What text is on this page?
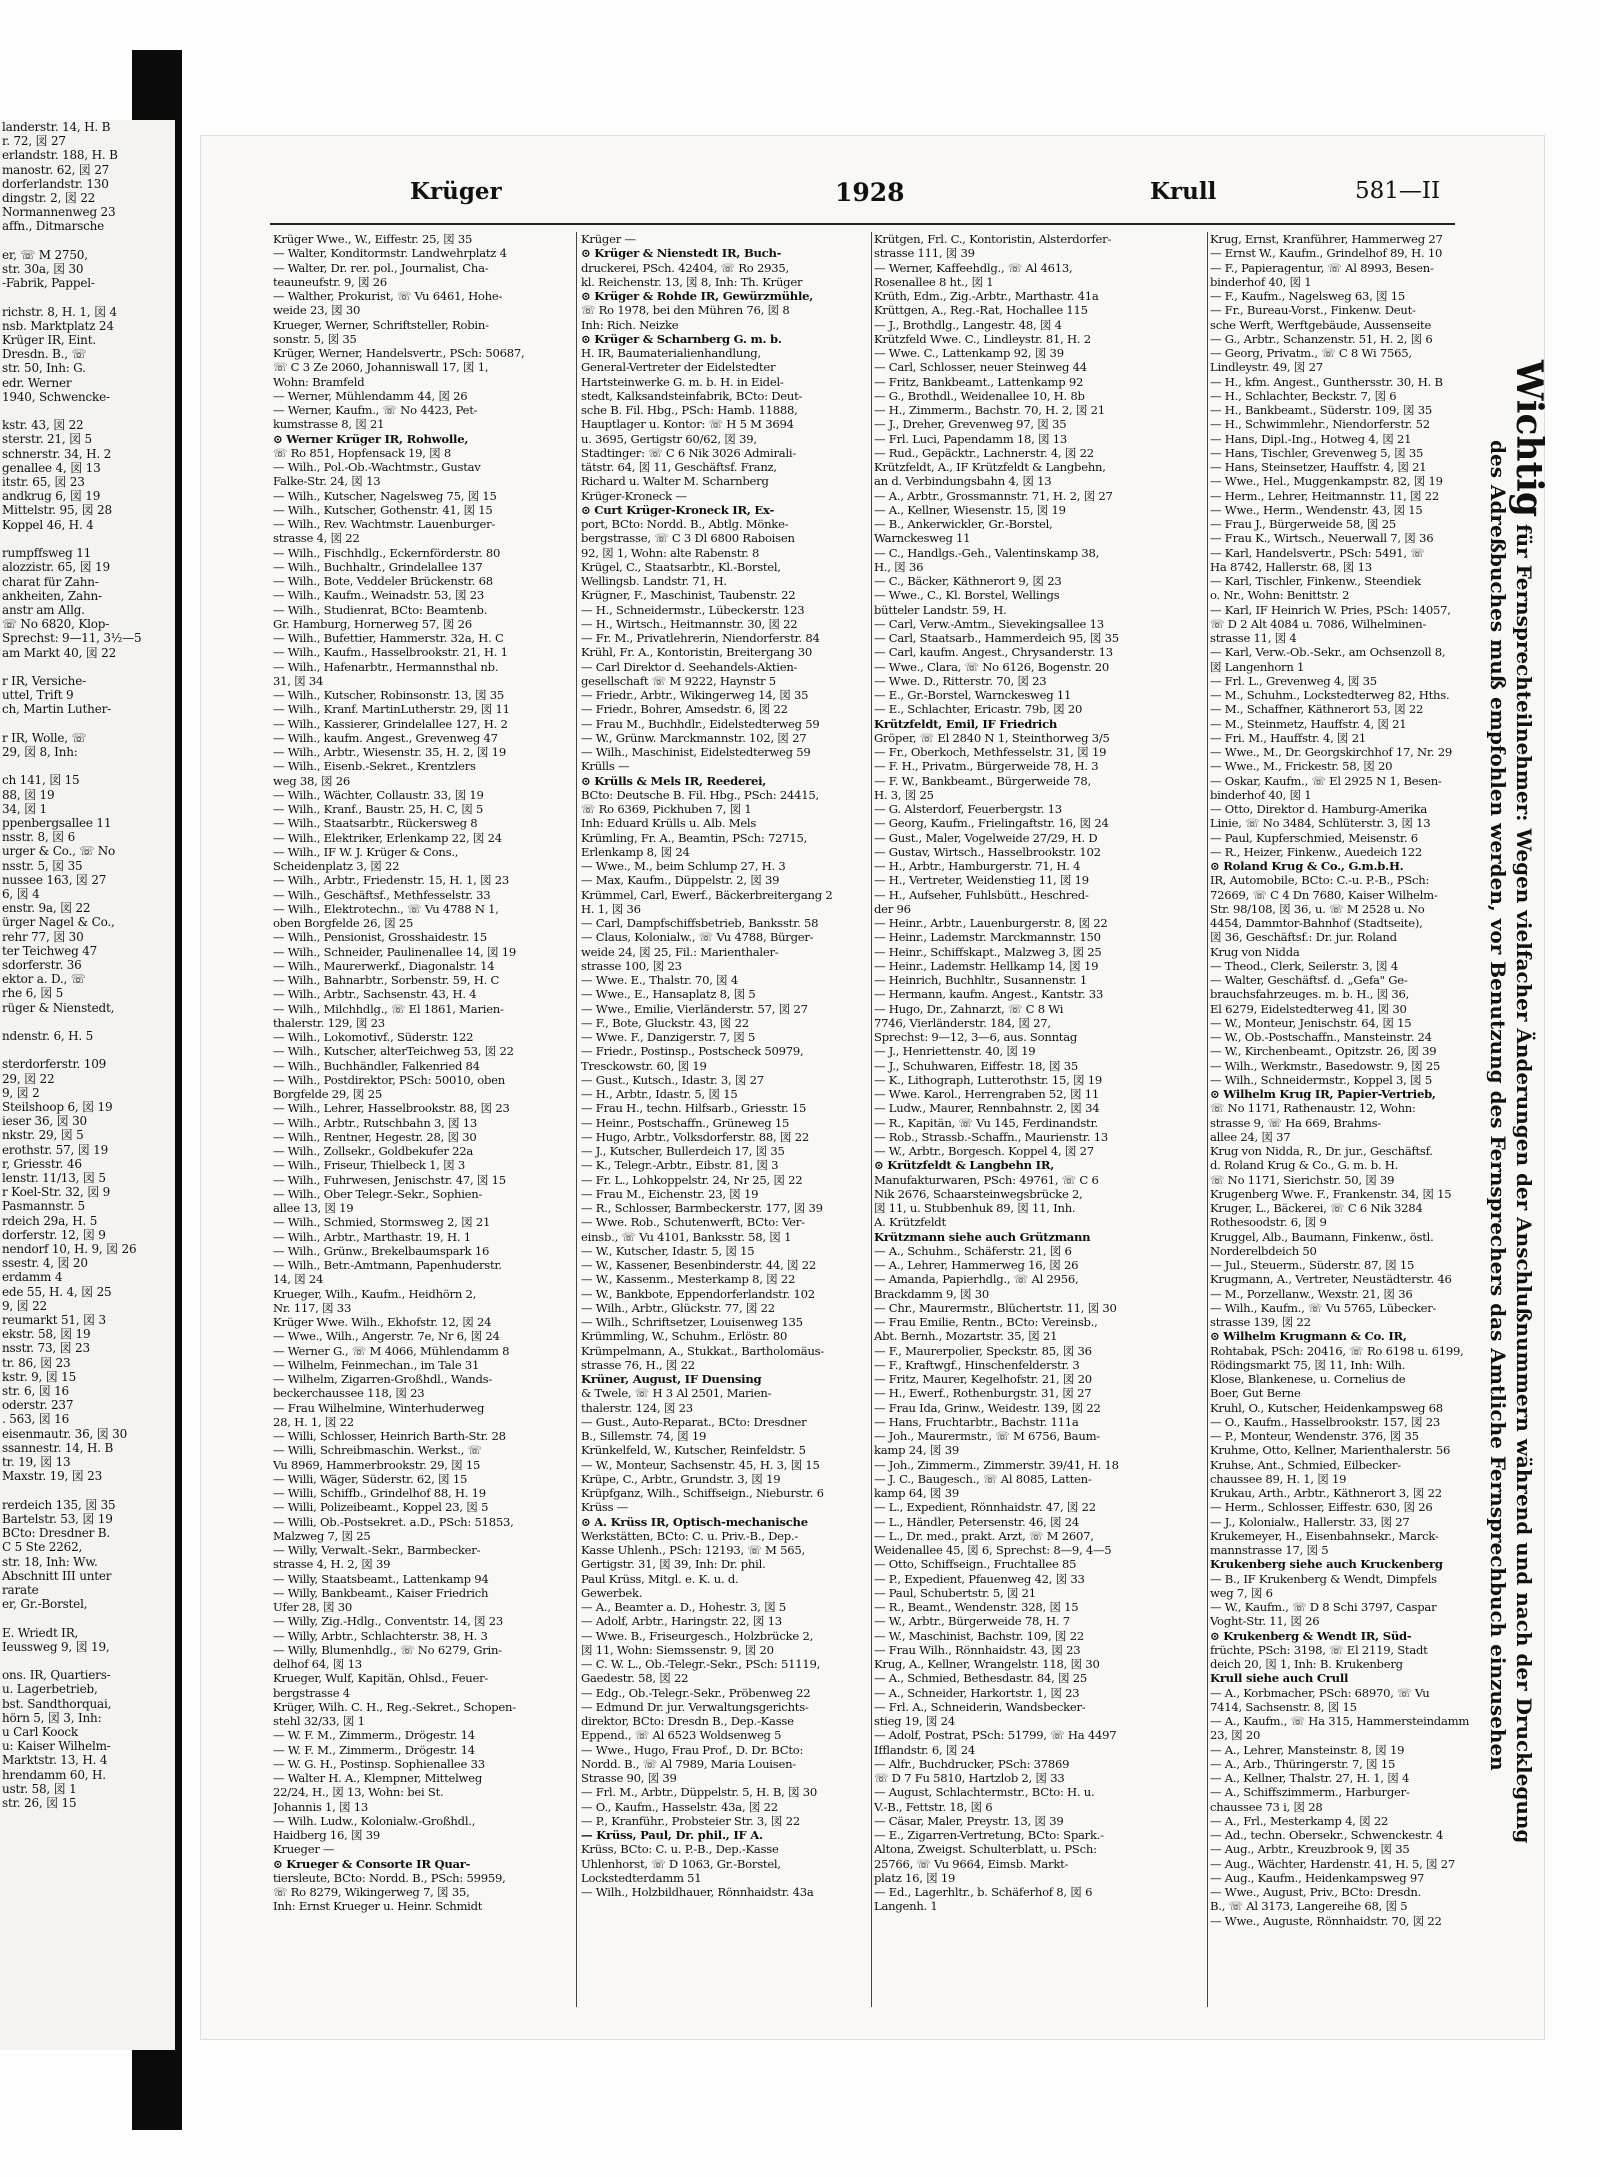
landerstr. 14, H. B
r. 72, 図 27
erlandstr. 188, H. B
manostr. 62, 図 27
dorferlandstr. 130
dingstr. 2, 図 22
Normannenweg 23
affn., Ditmarsche

er, ☏ M 2750,
str. 30a, 図 30
-Fabrik, Pappel-

richstr. 8, H. 1, 図 4
nsb. Marktplatz 24
Krüger IR, Eint.
Dresdn. B., ☏
str. 50, Inh: G.
edr. Werner
1940, Schwencke-

kstr. 43, 図 22
sterstr. 21, 図 5
schnerstr. 34, H. 2
genallee 4, 図 13
itstr. 65, 図 23
andkrug 6, 図 19
Mittelstr. 95, 図 28
Koppel 46, H. 4

rumpffsweg 11
alozzistr. 65, 図 19
charat für Zahn-
ankheiten, Zahn-
anstr am Allg.
☏ No 6820, Klop-
Sprechst: 9—11, 3½—5
am Markt 40, 図 22

r IR, Versiche-
uttel, Trift 9
ch, Martin Luther-

r IR, Wolle, ☏
29, 図 8, Inh:

ch 141, 図 15
88, 図 19
34, 図 1
ppenbergsallee 11
nsstr. 8, 図 6
urger & Co., ☏ No
nsstr. 5, 図 35
nussee 163, 図 27
6, 図 4
enstr. 9a, 図 22
ürger Nagel & Co.,
rehr 77, 図 30
ter Teichweg 47
sdorferstr. 36
ektor a. D., ☏
rhe 6, 図 5
rüger & Nienstedt,

ndenstr. 6, H. 5

sterdorferstr. 109
29, 図 22
9, 図 2
Steilshoop 6, 図 19
ieser 36, 図 30
nkstr. 29, 図 5
erothstr. 57, 図 19
r, Griesstr. 46
lenstr. 11/13, 図 5
r Koel-Str. 32, 図 9
Pasmannstr. 5
rdeich 29a, H. 5
dorferstr. 12, 図 9
nendorf 10, H. 9, 図 26
ssestr. 4, 図 20
erdamm 4
ede 55, H. 4, 図 25
9, 図 22
reumarkt 51, 図 3
ekstr. 58, 図 19
nsstr. 73, 図 23
tr. 86, 図 23
kstr. 9, 図 15
str. 6, 図 16
oderstr. 237
. 563, 図 16
eisenmautr. 36, 図 30
ssannestr. 14, H. B
tr. 19, 図 13
Maxstr. 19, 図 23

rerdeich 135, 図 35
Bartelstr. 53, 図 19
BCto: Dresdner B.
C 5 Ste 2262,
str. 18, Inh: Ww.
Abschnitt III unter
rarate
er, Gr.-Borstel,

E. Wriedt IR,
Ieussweg 9, 図 19,

ons. IR, Quartiers-
u. Lagerbetrieb,
bst. Sandthorquai,
hörn 5, 図 3, Inh:
u Carl Koock
u: Kaiser Wilhelm-
Marktstr. 13, H. 4
hrendamm 60, H.
ustr. 58, 図 1
str. 26, 図 15
Krüger	1928	Krull	581—II
Krüger Wwe., W., Eiffestr. 25, 図 35
— Walter, Konditormstr. Landwehrplatz 4
— Walter, Dr. rer. pol., Journalist, Cha-
teauneufstr. 9, 図 26
— Walther, Prokurist, ☏ Vu 6461, Hohe-
weide 23, 図 30
Krueger, Werner, Schriftsteller, Robin-
sonstr. 5, 図 35
Krüger, Werner, Handelsvertr., PSch: 50687,
☏ C 3 Ze 2060, Johanniswall 17, 図 1,
Wohn: Bramfeld
— Werner, Mühlendamm 44, 図 26
— Werner, Kaufm., ☏ No 4423, Pet-
kumstrasse 8, 図 21
⊙ Werner Krüger IR, Rohwolle,
☏ Ro 851, Hopfensack 19, 図 8
— Wilh., Pol.-Ob.-Wachtmstr., Gustav
Falke-Str. 24, 図 13
— Wilh., Kutscher, Nagelsweg 75, 図 15
— Wilh., Kutscher, Gothenstr. 41, 図 15
— Wilh., Rev. Wachtmstr. Lauenburger-
strasse 4, 図 22
— Wilh., Fischhdlg., Eckernförderstr. 80
— Wilh., Buchhaltr., Grindelallee 137
— Wilh., Bote, Veddeler Brückenstr. 68
— Wilh., Kaufm., Weinadstr. 53, 図 23
— Wilh., Studienrat, BCto: Beamtenb.
Gr. Hamburg, Hornerweg 57, 図 26
— Wilh., Bufettier, Hammerstr. 32a, H. C
— Wilh., Kaufm., Hasselbrookstr. 21, H. 1
— Wilh., Hafenarbtr., Hermannsthal nb.
31, 図 34
— Wilh., Kutscher, Robinsonstr. 13, 図 35
— Wilh., Kranf. MartinLutherstr. 29, 図 11
— Wilh., Kassierer, Grindelallee 127, H. 2
— Wilh., kaufm. Angest., Grevenweg 47
— Wilh., Arbtr., Wiesenstr. 35, H. 2, 図 19
— Wilh., Eisenb.-Sekret., Krentzlers
weg 38, 図 26
— Wilh., Wächter, Collaustr. 33, 図 19
— Wilh., Kranf., Baustr. 25, H. C, 図 5
— Wilh., Staatsarbtr., Rückersweg 8
— Wilh., Elektriker, Erlenkamp 22, 図 24
— Wilh., IF W. J. Krüger & Cons.,
Scheidenplatz 3, 図 22
— Wilh., Arbtr., Friedenstr. 15, H. 1, 図 23
— Wilh., Geschäftsf., Methfesselstr. 33
— Wilh., Elektrotechn., ☏ Vu 4788 N 1,
oben Borgfelde 26, 図 25
— Wilh., Pensionist, Grosshaidestr. 15
— Wilh., Schneider, Paulinenallee 14, 図 19
— Wilh., Maurerwerkf., Diagonalstr. 14
— Wilh., Bahnarbtr., Sorbenstr. 59, H. C
— Wilh., Arbtr., Sachsenstr. 43, H. 4
— Wilh., Milchhdlg., ☏ El 1861, Marien-
thalerstr. 129, 図 23
— Wilh., Lokomotivf., Süderstr. 122
— Wilh., Kutscher, alterTeichweg 53, 図 22
— Wilh., Buchhändler, Falkenried 84
— Wilh., Postdirektor, PSch: 50010, oben
Borgfelde 29, 図 25
— Wilh., Lehrer, Hasselbrookstr. 88, 図 23
— Wilh., Arbtr., Rutschbahn 3, 図 13
— Wilh., Rentner, Hegestr. 28, 図 30
— Wilh., Zollsekr., Goldbekufer 22a
— Wilh., Friseur, Thielbeck 1, 図 3
— Wilh., Fuhrwesen, Jenischstr. 47, 図 15
— Wilh., Ober Telegr.-Sekr., Sophien-
allee 13, 図 19
— Wilh., Schmied, Stormsweg 2, 図 21
— Wilh., Arbtr., Marthastr. 19, H. 1
— Wilh., Grünw., Brekelbaumspark 16
— Wilh., Betr.-Amtmann, Papenhuderstr.
14, 図 24
Krueger, Wilh., Kaufm., Heidhörn 2,
Nr. 117, 図 33
Krüger Wwe. Wilh., Ekhofstr. 12, 図 24
— Wwe., Wilh., Angerstr. 7e, Nr 6, 図 24
— Werner G., ☏ M 4066, Mühlendamm 8
— Wilhelm, Feinmechan., im Tale 31
— Wilhelm, Zigarren-Großhdl., Wands-
beckerchaussee 118, 図 23
— Frau Wilhelmine, Winterhuderweg
28, H. 1, 図 22
— Willi, Schlosser, Heinrich Barth-Str. 28
— Willi, Schreibmaschin. Werkst., ☏
Vu 8969, Hammerbrookstr. 29, 図 15
— Willi, Wäger, Süderstr. 62, 図 15
— Willi, Schiffb., Grindelhof 88, H. 19
— Willi, Polizeibeamt., Koppel 23, 図 5
— Willi, Ob.-Postsekret. a.D., PSch: 51853,
Malzweg 7, 図 25
— Willy, Verwalt.-Sekr., Barmbecker-
strasse 4, H. 2, 図 39
— Willy, Staatsbeamt., Lattenkamp 94
— Willy, Bankbeamt., Kaiser Friedrich
Ufer 28, 図 30
— Willy, Zig.-Hdlg., Conventstr. 14, 図 23
— Willy, Arbtr., Schlachterstr. 38, H. 3
— Willy, Blumenhdlg., ☏ No 6279, Grin-
delhof 64, 図 13
Krueger, Wulf, Kapitän, Ohlsd., Feuer-
bergstrasse 4
Krüger, Wilh. C. H., Reg.-Sekret., Schopen-
stehl 32/33, 図 1
— W. F. M., Zimmerm., Drögestr. 14
— W. F. M., Zimmerm., Drögestr. 14
— W. G. H., Postinsp. Sophienallee 33
— Walter H. A., Klempner, Mittelweg
22/24, H., 図 13, Wohn: bei St.
Johannis 1, 図 13
— Wilh. Ludw., Kolonialw.-Großhdl.,
Haidberg 16, 図 39
Krueger —
⊙ Krueger & Consorte IR Quar-
tiersleute, BCto: Nordd. B., PSch: 59959,
☏ Ro 8279, Wikingerweg 7, 図 35,
Inh: Ernst Krueger u. Heinr. Schmidt
Krüger —
⊙ Krüger & Nienstedt IR, Buch-
druckerei, PSch. 42404, ☏ Ro 2935,
kl. Reichenstr. 13, 図 8, Inh: Th. Krüger
⊙ Krüger & Rohde IR, Gewürzmühle,
☏ Ro 1978, bei den Mühren 76, 図 8
Inh: Rich. Neizke
⊙ Krüger & Scharnberg G. m. b.
H. IR, Baumaterialienhandlung,
General-Vertreter der Eidelstedter
Hartsteinwerke G. m. b. H. in Eidel-
stedt, Kalksandsteinfabrik, BCto: Deut-
sche B. Fil. Hbg., PSch: Hamb. 11888,
Hauptlager u. Kontor: ☏ H 5 M 3694
u. 3695, Gertigstr 60/62, 図 39,
Stadtinger: ☏ C 6 Nik 3026 Admirali-
tätstr. 64, 図 11, Geschäftsf. Franz,
Richard u. Walter M. Scharnberg
Krüger-Kroneck —
⊙ Curt Krüger-Kroneck IR, Ex-
port, BCto: Nordd. B., Abtlg. Mönke-
bergstrasse, ☏ C 3 Dl 6800 Raboisen
92, 図 1, Wohn: alte Rabenstr. 8
Krügel, C., Staatsarbtr., Kl.-Borstel,
Wellingsb. Landstr. 71, H.
Krügner, F., Maschinist, Taubenstr. 22
— H., Schneidermstr., Lübeckerstr. 123
— H., Wirtsch., Heitmannstr. 30, 図 22
— Fr. M., Privatlehrerin, Niendorferstr. 84
Krühl, Fr. A., Kontoristin, Breitergang 30
— Carl Direktor d. Seehandels-Aktien-
gesellschaft ☏ M 9222, Haynstr 5
— Friedr., Arbtr., Wikingerweg 14, 図 35
— Friedr., Bohrer, Amsedstr. 6, 図 22
— Frau M., Buchhdlr., Eidelstedterweg 59
— W., Grünw. Marckmannstr. 102, 図 27
— Wilh., Maschinist, Eidelstedterweg 59
Krülls —
⊙ Krülls & Mels IR, Reederei,
BCto: Deutsche B. Fil. Hbg., PSch: 24415,
☏ Ro 6369, Pickhuben 7, 図 1
Inh: Eduard Krülls u. Alb. Mels
Krümling, Fr. A., Beamtin, PSch: 72715,
Erlenkamp 8, 図 24
— Wwe., M., beim Schlump 27, H. 3
— Max, Kaufm., Düppelstr. 2, 図 39
Krümmel, Carl, Ewerf., Bäckerbreitergang 2
H. 1, 図 36
— Carl, Dampfschiffsbetrieb, Banksstr. 58
— Claus, Kolonialw., ☏ Vu 4788, Bürger-
weide 24, 図 25, Fil.: Marienthaler-
strasse 100, 図 23
— Wwe. E., Thalstr. 70, 図 4
— Wwe., E., Hansaplatz 8, 図 5
— Wwe., Emilie, Vierländerstr. 57, 図 27
— F., Bote, Gluckstr. 43, 図 22
— Wwe. F., Danzigerstr. 7, 図 5
— Friedr., Postinsp., Postscheck 50979,
Tresckowstr. 60, 図 19
— Gust., Kutsch., Idastr. 3, 図 27
— H., Arbtr., Idastr. 5, 図 15
— Frau H., techn. Hilfsarb., Griesstr. 15
— Heinr., Postschaffn., Grüneweg 15
— Hugo, Arbtr., Volksdorferstr. 88, 図 22
— J., Kutscher, Bullerdeich 17, 図 35
— K., Telegr.-Arbtr., Eibstr. 81, 図 3
— Fr. L., Lohkoppelstr. 24, Nr 25, 図 22
— Frau M., Eichenstr. 23, 図 19
— R., Schlosser, Barmbeckerstr. 177, 図 39
— Wwe. Rob., Schutenwerft, BCto: Ver-
einsb., ☏ Vu 4101, Banksstr. 58, 図 1
— W., Kutscher, Idastr. 5, 図 15
— W., Kassener, Besenbinderstr. 44, 図 22
— W., Kassenm., Mesterkamp 8, 図 22
— W., Bankbote, Eppendorferlandstr. 102
— Wilh., Arbtr., Glückstr. 77, 図 22
— Wilh., Schriftsetzer, Louisenweg 135
Krümmling, W., Schuhm., Erlöstr. 80
Krümpelmann, A., Stukkat., Bartholomäus-
strasse 76, H., 図 22
Krüner, August, IF Duensing
& Twele, ☏ H 3 Al 2501, Marien-
thalerstr. 124, 図 23
— Gust., Auto-Reparat., BCto: Dresdner
B., Sillemstr. 74, 図 19
Krünkelfeld, W., Kutscher, Reinfeldstr. 5
— W., Monteur, Sachsenstr. 45, H. 3, 図 15
Krüpe, C., Arbtr., Grundstr. 3, 図 19
Krüpfganz, Wilh., Schiffseign., Nieburstr. 6
Krüss —
⊙ A. Krüss IR, Optisch-mechanische
Werkstätten, BCto: C. u. Priv.-B., Dep.-
Kasse Uhlenh., PSch: 12193, ☏ M 565,
Gertigstr. 31, 図 39, Inh: Dr. phil.
Paul Krüss, Mitgl. e. K. u. d.
Gewerbek.
— A., Beamter a. D., Hohestr. 3, 図 5
— Adolf, Arbtr., Haringstr. 22, 図 13
— Wwe. B., Friseurgesch., Holzbrücke 2,
図 11, Wohn: Siemssenstr. 9, 図 20
— C. W. L., Ob.-Telegr.-Sekr., PSch: 51119,
Gaedestr. 58, 図 22
— Edg., Ob.-Telegr.-Sekr., Pröbenweg 22
— Edmund Dr. jur. Verwaltungsgerichts-
direktor, BCto: Dresdn B., Dep.-Kasse
Eppend., ☏ Al 6523 Woldsenweg 5
— Wwe., Hugo, Frau Prof., D. Dr. BCto:
Nordd. B., ☏ Al 7989, Maria Louisen-
Strasse 90, 図 39
— Frl. M., Arbtr., Düppelstr. 5, H. B, 図 30
— O., Kaufm., Hasselstr. 43a, 図 22
— P., Kranführ., Probsteier Str. 3, 図 22
— Krüss, Paul, Dr. phil., IF A.
Krüss, BCto: C. u. P.-B., Dep.-Kasse
Uhlenhorst, ☏ D 1063, Gr.-Borstel,
Lockstedterdamm 51
— Wilh., Holzbildhauer, Rönnhaidstr. 43a
Krütgen, Frl. C., Kontoristin, Alsterdorfer-
strasse 111, 図 39
— Werner, Kaffeehdlg., ☏ Al 4613,
Rosenallee 8 ht., 図 1
Krüth, Edm., Zig.-Arbtr., Marthastr. 41a
Krüttgen, A., Reg.-Rat, Hochallee 115
— J., Brothdlg., Langestr. 48, 図 4
Krützfeld Wwe. C., Lindleystr. 81, H. 2
— Wwe. C., Lattenkamp 92, 図 39
— Carl, Schlosser, neuer Steinweg 44
— Fritz, Bankbeamt., Lattenkamp 92
— G., Brothdl., Weidenallee 10, H. 8b
— H., Zimmerm., Bachstr. 70, H. 2, 図 21
— J., Dreher, Grevenweg 97, 図 35
— Frl. Luci, Papendamm 18, 図 13
— Rud., Gepäcktr., Lachnerstr. 4, 図 22
Krützfeldt, A., IF Krützfeldt & Langbehn,
an d. Verbindungsbahn 4, 図 13
— A., Arbtr., Grossmannstr. 71, H. 2, 図 27
— A., Kellner, Wiesenstr. 15, 図 19
— B., Ankerwickler, Gr.-Borstel,
Warnckesweg 11
— C., Handlgs.-Geh., Valentinskamp 38,
H., 図 36
— C., Bäcker, Käthnerort 9, 図 23
— Wwe., C., Kl. Borstel, Wellings
bütteler Landstr. 59, H.
— Carl, Verw.-Amtm., Sievekingsallee 13
— Carl, Staatsarb., Hammerdeich 95, 図 35
— Carl, kaufm. Angest., Chrysanderstr. 13
— Wwe., Clara, ☏ No 6126, Bogenstr. 20
— Wwe. D., Ritterstr. 70, 図 23
— E., Gr.-Borstel, Warnckesweg 11
— E., Schlachter, Ericastr. 79b, 図 20
Krützfeldt, Emil, IF Friedrich
Gröper, ☏ El 2840 N 1, Steinthorweg 3/5
— Fr., Oberkoch, Methfesselstr. 31, 図 19
— F. H., Privatm., Bürgerweide 78, H. 3
— F. W., Bankbeamt., Bürgerweide 78,
H. 3, 図 25
— G. Alsterdorf, Feuerbergstr. 13
— Georg, Kaufm., Frielingaftstr. 16, 図 24
— Gust., Maler, Vogelweide 27/29, H. D
— Gustav, Wirtsch., Hasselbrookstr. 102
— H., Arbtr., Hamburgerstr. 71, H. 4
— H., Vertreter, Weidenstieg 11, 図 19
— H., Aufseher, Fuhlsbütt., Heschred-
der 96
— Heinr., Arbtr., Lauenburgerstr. 8, 図 22
— Heinr., Lademstr. Marckmannstr. 150
— Heinr., Schiffskapt., Malzweg 3, 図 25
— Heinr., Lademstr. Hellkamp 14, 図 19
— Heinrich, Buchhltr., Susannenstr. 1
— Hermann, kaufm. Angest., Kantstr. 33
— Hugo, Dr., Zahnarzt, ☏ C 8 Wi
7746, Vierländerstr. 184, 図 27,
Sprechst: 9—12, 3—6, aus. Sonntag
— J., Henriettenstr. 40, 図 19
— J., Schuhwaren, Eiffestr. 18, 図 35
— K., Lithograph, Lutterothstr. 15, 図 19
— Wwe. Karol., Herrengraben 52, 図 11
— Ludw., Maurer, Rennbahnstr. 2, 図 34
— R., Kapitän, ☏ Vu 145, Ferdinandstr.
— Rob., Strassb.-Schaffn., Maurienstr. 13
— W., Arbtr., Borgesch. Koppel 4, 図 27
⊙ Krützfeldt & Langbehn IR,
Manufakturwaren, PSch: 49761, ☏ C 6
Nik 2676, Schaarsteinwegsbrücke 2,
図 11, u. Stubbenhuk 89, 図 11, Inh.
A. Krützfeldt
Krützmann siehe auch Grützmann
— A., Schuhm., Schäferstr. 21, 図 6
— A., Lehrer, Hammerweg 16, 図 26
— Amanda, Papierhdlg., ☏ Al 2956,
Brackdamm 9, 図 30
— Chr., Maurermstr., Blüchertstr. 11, 図 30
— Frau Emilie, Rentn., BCto: Vereinsb.,
Abt. Bernh., Mozartstr. 35, 図 21
— F., Maurerpolier, Speckstr. 85, 図 36
— F., Kraftwgf., Hinschenfelderstr. 3
— Fritz, Maurer, Kegelhofstr. 21, 図 20
— H., Ewerf., Rothenburgstr. 31, 図 27
— Frau Ida, Grinw., Weidestr. 139, 図 22
— Hans, Fruchtarbtr., Bachstr. 111a
— Joh., Maurermstr., ☏ M 6756, Baum-
kamp 24, 図 39
— Joh., Zimmerm., Zimmerstr. 39/41, H. 18
— J. C., Baugesch., ☏ Al 8085, Latten-
kamp 64, 図 39
— L., Expedient, Rönnhaidstr. 47, 図 22
— L., Händler, Petersenstr. 46, 図 24
— L., Dr. med., prakt. Arzt, ☏ M 2607,
Weidenallee 45, 図 6, Sprechst: 8—9, 4—5
— Otto, Schiffseign., Fruchtallee 85
— P., Expedient, Pfauenweg 42, 図 33
— Paul, Schubertstr. 5, 図 21
— R., Beamt., Wendenstr. 328, 図 15
— W., Arbtr., Bürgerweide 78, H. 7
— W., Maschinist, Bachstr. 109, 図 22
— Frau Wilh., Rönnhaidstr. 43, 図 23
Krug, A., Kellner, Wrangelstr. 118, 図 30
— A., Schmied, Bethesdastr. 84, 図 25
— A., Schneider, Harkortstr. 1, 図 23
— Frl. A., Schneiderin, Wandsbecker-
stieg 19, 図 24
— Adolf, Postrat, PSch: 51799, ☏ Ha 4497
Ifflandstr. 6, 図 24
— Alfr., Buchdrucker, PSch: 37869
☏ D 7 Fu 5810, Hartzlob 2, 図 33
— August, Schlachtermstr., BCto: H. u.
V.-B., Fettstr. 18, 図 6
— Cäsar, Maler, Preystr. 13, 図 39
— E., Zigarren-Vertretung, BCto: Spark.-
Altona, Zweigst. Schulterblatt, u. PSch:
25766, ☏ Vu 9664, Eimsb. Markt-
platz 16, 図 19
— Ed., Lagerhltr., b. Schäferhof 8, 図 6
Langenh. 1
Krug, Ernst, Kranführer, Hammerweg 27
— Ernst W., Kaufm., Grindelhof 89, H. 10
— F., Papieragentur, ☏ Al 8993, Besen-
binderhof 40, 図 1
— F., Kaufm., Nagelsweg 63, 図 15
— Fr., Bureau-Vorst., Finkenw. Deut-
sche Werft, Werftgebäude, Aussenseite
— G., Arbtr., Schanzenstr. 51, H. 2, 図 6
— Georg, Privatm., ☏ C 8 Wi 7565,
Lindleystr. 49, 図 27
— H., kfm. Angest., Gunthersstr. 30, H. B
— H., Schlachter, Beckstr. 7, 図 6
— H., Bankbeamt., Süderstr. 109, 図 35
— H., Schwimmlehr., Niendorferstr. 52
— Hans, Dipl.-Ing., Hotweg 4, 図 21
— Hans, Tischler, Grevenweg 5, 図 35
— Hans, Steinsetzer, Hauffstr. 4, 図 21
— Wwe., Hel., Muggenkampstr. 82, 図 19
— Herm., Lehrer, Heitmannstr. 11, 図 22
— Wwe., Herm., Wendenstr. 43, 図 15
— Frau J., Bürgerweide 58, 図 25
— Frau K., Wirtsch., Neuerwall 7, 図 36
— Karl, Handelsvertr., PSch: 5491, ☏
Ha 8742, Hallerstr. 68, 図 13
— Karl, Tischler, Finkenw., Steendiek
o. Nr., Wohn: Benittstr. 2
— Karl, IF Heinrich W. Pries, PSch: 14057,
☏ D 2 Alt 4084 u. 7086, Wilhelminen-
strasse 11, 図 4
— Karl, Verw.-Ob.-Sekr., am Ochsenzoll 8,
図 Langenhorn 1
— Frl. L., Grevenweg 4, 図 35
— M., Schuhm., Lockstedterweg 82, Hths.
— M., Schaffner, Käthnerort 53, 図 22
— M., Steinmetz, Hauffstr. 4, 図 21
— Fri. M., Hauffstr. 4, 図 21
— Wwe., M., Dr. Georgskirchhof 17, Nr. 29
— Wwe., M., Frickestr. 58, 図 20
— Oskar, Kaufm., ☏ El 2925 N 1, Besen-
binderhof 40, 図 1
— Otto, Direktor d. Hamburg-Amerika
Linie, ☏ No 3484, Schlüterstr. 3, 図 13
— Paul, Kupferschmied, Meisenstr. 6
— R., Heizer, Finkenw., Auedeich 122
⊙ Roland Krug & Co., G.m.b.H.
IR, Automobile, BCto: C.-u. P.-B., PSch:
72669, ☏ C 4 Dn 7680, Kaiser Wilhelm-
Str. 98/108, 図 36, u. ☏ M 2528 u. No
4454, Dammtor-Bahnhof (Stadtseite),
図 36, Geschäftsf.: Dr. jur. Roland
Krug von Nidda
— Theod., Clerk, Seilerstr. 3, 図 4
— Walter, Geschäftsf. d. „Gefa" Ge-
brauchsfahrzeuges. m. b. H., 図 36,
El 6279, Eidelstedterweg 41, 図 30
— W., Monteur, Jenischstr. 64, 図 15
— W., Ob.-Postschaffn., Mansteinstr. 24
— W., Kirchenbeamt., Opitzstr. 26, 図 39
— Wilh., Werkmstr., Basedowstr. 9, 図 25
— Wilh., Schneidermstr., Koppel 3, 図 5
⊙ Wilhelm Krug IR, Papier-Vertrieb,
☏ No 1171, Rathenaustr. 12, Wohn:
strasse 9, ☏ Ha 669, Brahms-
allee 24, 図 37
Krug von Nidda, R., Dr. jur., Geschäftsf.
d. Roland Krug & Co., G. m. b. H.
☏ No 1171, Sierichstr. 50, 図 39
Krugenberg Wwe. F., Frankenstr. 34, 図 15
Kruger, L., Bäckerei, ☏ C 6 Nik 3284
Rothesoodstr. 6, 図 9
Kruggel, Alb., Baumann, Finkenw., östl.
Norderelbdeich 50
— Jul., Steuerm., Süderstr. 87, 図 15
Krugmann, A., Vertreter, Neustädterstr. 46
— M., Porzellanw., Wexstr. 21, 図 36
— Wilh., Kaufm., ☏ Vu 5765, Lübecker-
strasse 139, 図 22
⊙ Wilhelm Krugmann & Co. IR,
Rohtabak, PSch: 20416, ☏ Ro 6198 u. 6199,
Rödingsmarkt 75, 図 11, Inh: Wilh.
Klose, Blankenese, u. Cornelius de
Boer, Gut Berne
Kruhl, O., Kutscher, Heidenkampsweg 68
— O., Kaufm., Hasselbrookstr. 157, 図 23
— P., Monteur, Wendenstr. 376, 図 35
Kruhme, Otto, Kellner, Marienthalerstr. 56
Kruhse, Ant., Schmied, Eilbecker-
chaussee 89, H. 1, 図 19
Krukau, Arth., Arbtr., Käthnerort 3, 図 22
— Herm., Schlosser, Eiffestr. 630, 図 26
— J., Kolonialw., Hallerstr. 33, 図 27
Krukemeyer, H., Eisenbahnsekr., Marck-
mannstrasse 17, 図 5
Krukenberg siehe auch Kruckenberg
— B., IF Krukenberg & Wendt, Dimpfels
weg 7, 図 6
— W., Kaufm., ☏ D 8 Schi 3797, Caspar
Voght-Str. 11, 図 26
⊙ Krukenberg & Wendt IR, Süd-
früchte, PSch: 3198, ☏ El 2119, Stadt
deich 20, 図 1, Inh: B. Krukenberg
Krull siehe auch Crull
— A., Korbmacher, PSch: 68970, ☏ Vu
7414, Sachsenstr. 8, 図 15
— A., Kaufm., ☏ Ha 315, Hammersteindamm
23, 図 20
— A., Lehrer, Mansteinstr. 8, 図 19
— A., Arb., Thüringerstr. 7, 図 15
— A., Kellner, Thalstr. 27, H. 1, 図 4
— A., Schiffszimmerm., Harburger-
chaussee 73 i, 図 28
— A., Frl., Mesterkamp 4, 図 22
— Ad., techn. Obersekr., Schwenckestr. 4
— Aug., Arbtr., Kreuzbrook 9, 図 35
— Aug., Wächter, Hardenstr. 41, H. 5, 図 27
— Aug., Kaufm., Heidenkampsweg 97
— Wwe., August, Priv., BCto: Dresdn.
B., ☏ Al 3173, Langereihe 68, 図 5
— Wwe., Auguste, Rönnhaidstr. 70, 図 22
Wichtig für Fernsprechteilnehmer: Wegen vielfacher Änderungen der Anschlußnummern während und nach der Drucklegung
des Adreßbuches muß empfohlen werden, vor Benutzung des Fernsprechers das Amtliche Fernsprechbuch einzusehen
